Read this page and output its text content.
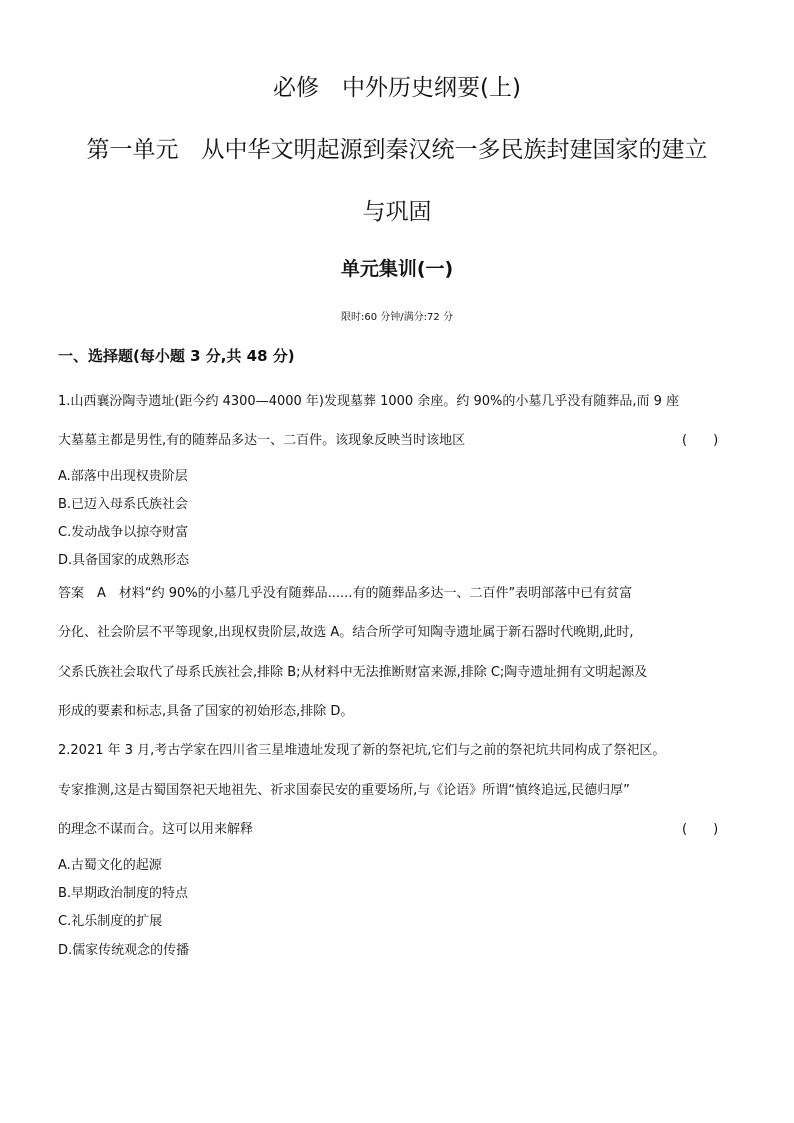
必修　中外历史纲要(上)
第一单元　从中华文明起源到秦汉统一多民族封建国家的建立
与巩固
单元集训(一)
限时:60 分钟/满分:72 分
一、选择题(每小题 3 分,共 48 分)
1.山西襄汾陶寺遗址(距今约 4300—4000 年)发现墓葬 1000 余座。约 90%的小墓几乎没有随葬品,而 9 座
大墓墓主都是男性,有的随葬品多达一、二百件。该现象反映当时该地区	(　　)
A.部落中出现权贵阶层
B.已迈入母系氏族社会
C.发动战争以掠夺财富
D.具备国家的成熟形态
答案　A　材料“约 90%的小墓几乎没有随葬品......有的随葬品多达一、二百件”表明部落中已有贫富
分化、社会阶层不平等现象,出现权贵阶层,故选 A。结合所学可知陶寺遗址属于新石器时代晚期,此时,
父系氏族社会取代了母系氏族社会,排除 B;从材料中无法推断财富来源,排除 C;陶寺遗址拥有文明起源及
形成的要素和标志,具备了国家的初始形态,排除 D。
2.2021 年 3 月,考古学家在四川省三星堆遗址发现了新的祭祀坑,它们与之前的祭祀坑共同构成了祭祀区。
专家推测,这是古蜀国祭祀天地祖先、祈求国泰民安的重要场所,与《论语》所谓“慎终追远,民德归厚”
的理念不谋而合。这可以用来解释	(　　)
A.古蜀文化的起源
B.早期政治制度的特点
C.礼乐制度的扩展
D.儒家传统观念的传播
